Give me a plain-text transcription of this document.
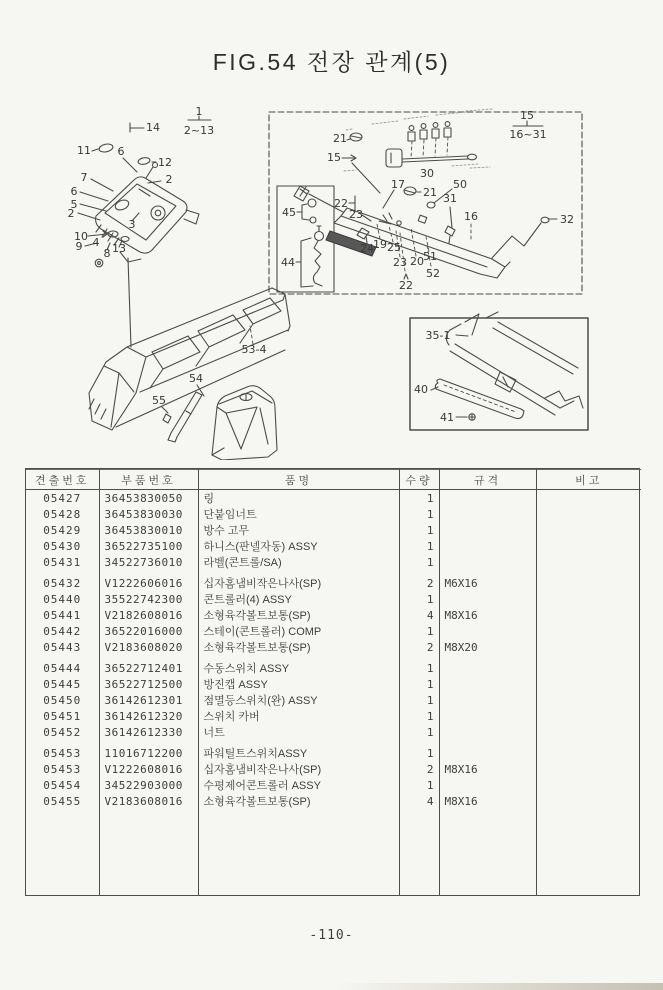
FIG.54 전장 관계(5)
14
11 6
12
7	2
6
5
2
3
10
9 4
8 13
21
15
30
17
22
23
21
50
31
16	32
24 19 25
23 20 51
52
22
45
44
53-4
54
55
35-1
40
41
1
2~13
15
16~31
견출번호	부품번호	품명	수량	규격	비고
05427	36453830050	링	1		
05428	36453830030	단붙임너트	1		
05429	36453830010	방수 고무	1		
05430	36522735100	하니스(판넬자동) ASSY	1		
05431	34522736010	라벨(콘트롤/SA)	1		

05432	V1222606016	십자홈냄비작은나사(SP)	2	M6X16	
05440	35522742300	콘트롤러(4) ASSY	1		
05441	V2182608016	소형육각볼트보통(SP)	4	M8X16	
05442	36522016000	스테이(콘트롤러) COMP	1		
05443	V2183608020	소형육각볼트보통(SP)	2	M8X20	

05444	36522712401	수동스위치 ASSY	1		
05445	36522712500	방진캡 ASSY	1		
05450	36142612301	점멸등스위치(완) ASSY	1		
05451	36142612320	스위치 카버	1		
05452	36142612330	너트	1		

05453	11016712200	파워틸트스위치ASSY	1		
05453	V1222608016	십자홈냄비작은나사(SP)	2	M8X16	
05454	34522903000	수평제어콘트롤러 ASSY	1		
05455	V2183608016	소형육각볼트보통(SP)	4	M8X16	

-110-
